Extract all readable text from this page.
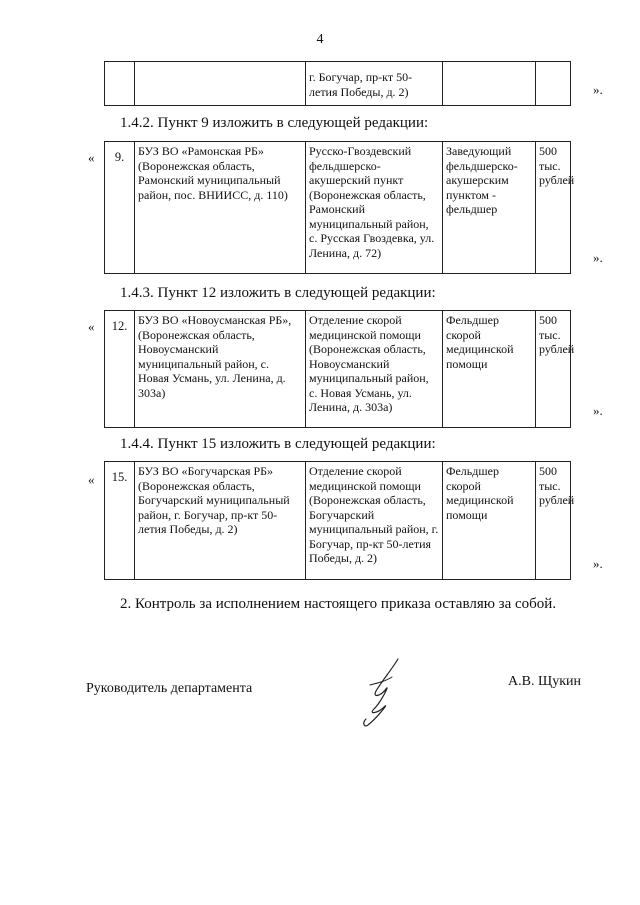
4
		г. Богучар, пр-кт 50-летия Победы, д. 2)			».
1.4.2. Пункт 9 изложить в следующей редакции:
« 9.	БУЗ ВО «Рамонская РБ» (Воронежская область, Рамонский муниципальный район, пос. ВНИИСС, д. 110)	Русско-Гвоздевский фельдшерско-акушерский пункт (Воронежская область, Рамонский муниципальный район, с. Русская Гвоздевка, ул. Ленина, д. 72)	Заведующий фельдшерско-акушерским пунктом - фельдшер	500 тыс. рублей
».
1.4.3. Пункт 12 изложить в следующей редакции:
« 12.	БУЗ ВО «Новоусманская РБ», (Воронежская область, Новоусманский муниципальный район, с. Новая Усмань, ул. Ленина, д. 303а)	Отделение скорой медицинской помощи (Воронежская область, Новоусманский муниципальный район, с. Новая Усмань, ул. Ленина, д. 303а)	Фельдшер скорой медицинской помощи	500 тыс. рублей
».
1.4.4. Пункт 15 изложить в следующей редакции:
« 15.	БУЗ ВО «Богучарская РБ» (Воронежская область, Богучарский муниципальный район, г. Богучар, пр-кт 50-летия Победы, д. 2)	Отделение скорой медицинской помощи (Воронежская область, Богучарский муниципальный район, г. Богучар, пр-кт 50-летия Победы, д. 2)	Фельдшер скорой медицинской помощи	500 тыс. рублей
».
2. Контроль за исполнением настоящего приказа оставляю за собой.
Руководитель департамента	А.В. Щукин
